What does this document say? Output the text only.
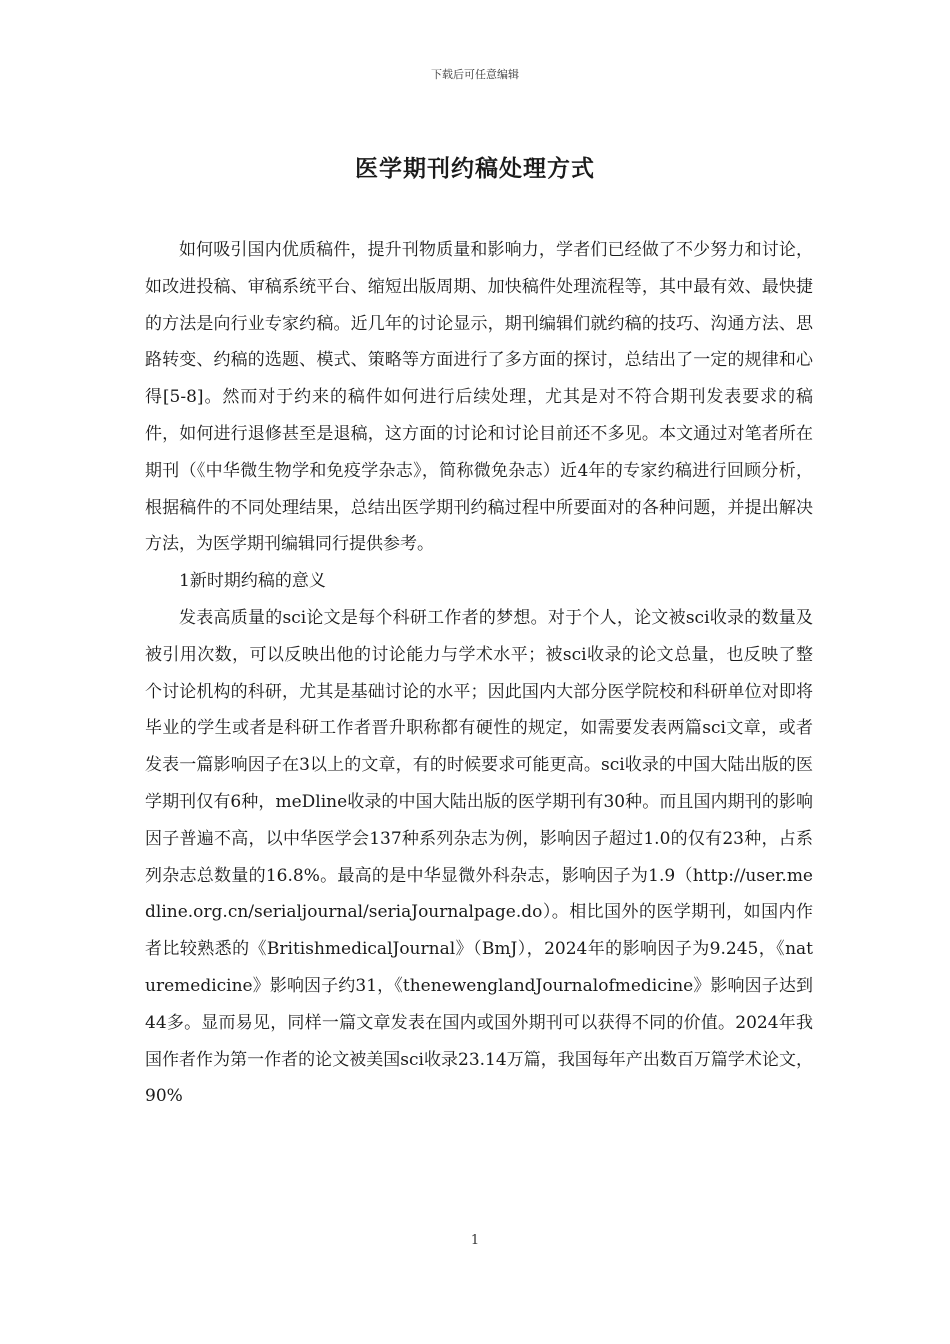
下载后可任意编辑
医学期刊约稿处理方式

如何吸引国内优质稿件，提升刊物质量和影响力，学者们已经做了不少努力和讨论，如改进投稿、审稿系统平台、缩短出版周期、加快稿件处理流程等，其中最有效、最快捷的方法是向行业专家约稿。近几年的讨论显示，期刊编辑们就约稿的技巧、沟通方法、思路转变、约稿的选题、模式、策略等方面进行了多方面的探讨，总结出了一定的规律和心得[5-8]。然而对于约来的稿件如何进行后续处理，尤其是对不符合期刊发表要求的稿件，如何进行退修甚至是退稿，这方面的讨论和讨论目前还不多见。本文通过对笔者所在期刊（《中华微生物学和免疫学杂志》，简称微免杂志）近4年的专家约稿进行回顾分析，根据稿件的不同处理结果，总结出医学期刊约稿过程中所要面对的各种问题，并提出解决方法，为医学期刊编辑同行提供参考。

1新时期约稿的意义

发表高质量的sci论文是每个科研工作者的梦想。对于个人，论文被sci收录的数量及被引用次数，可以反映出他的讨论能力与学术水平；被sci收录的论文总量，也反映了整个讨论机构的科研，尤其是基础讨论的水平；因此国内大部分医学院校和科研单位对即将毕业的学生或者是科研工作者晋升职称都有硬性的规定，如需要发表两篇sci文章，或者发表一篇影响因子在3以上的文章，有的时候要求可能更高。sci收录的中国大陆出版的医学期刊仅有6种，meDline收录的中国大陆出版的医学期刊有30种。而且国内期刊的影响因子普遍不高，以中华医学会137种系列杂志为例，影响因子超过1.0的仅有23种，占系列杂志总数量的16.8%。最高的是中华显微外科杂志，影响因子为1.9（http://user.medline.org.cn/serialjournal/seriaJournalpage.do）。相比国外的医学期刊，如国内作者比较熟悉的《BritishmedicalJournal》（BmJ），2024年的影响因子为9.245，《naturemedicine》影响因子约31，《thenewenglandJournalofmedicine》影响因子达到44多。显而易见，同样一篇文章发表在国内或国外期刊可以获得不同的价值。2024年我国作者作为第一作者的论文被美国sci收录23.14万篇，我国每年产出数百万篇学术论文，90%

1
